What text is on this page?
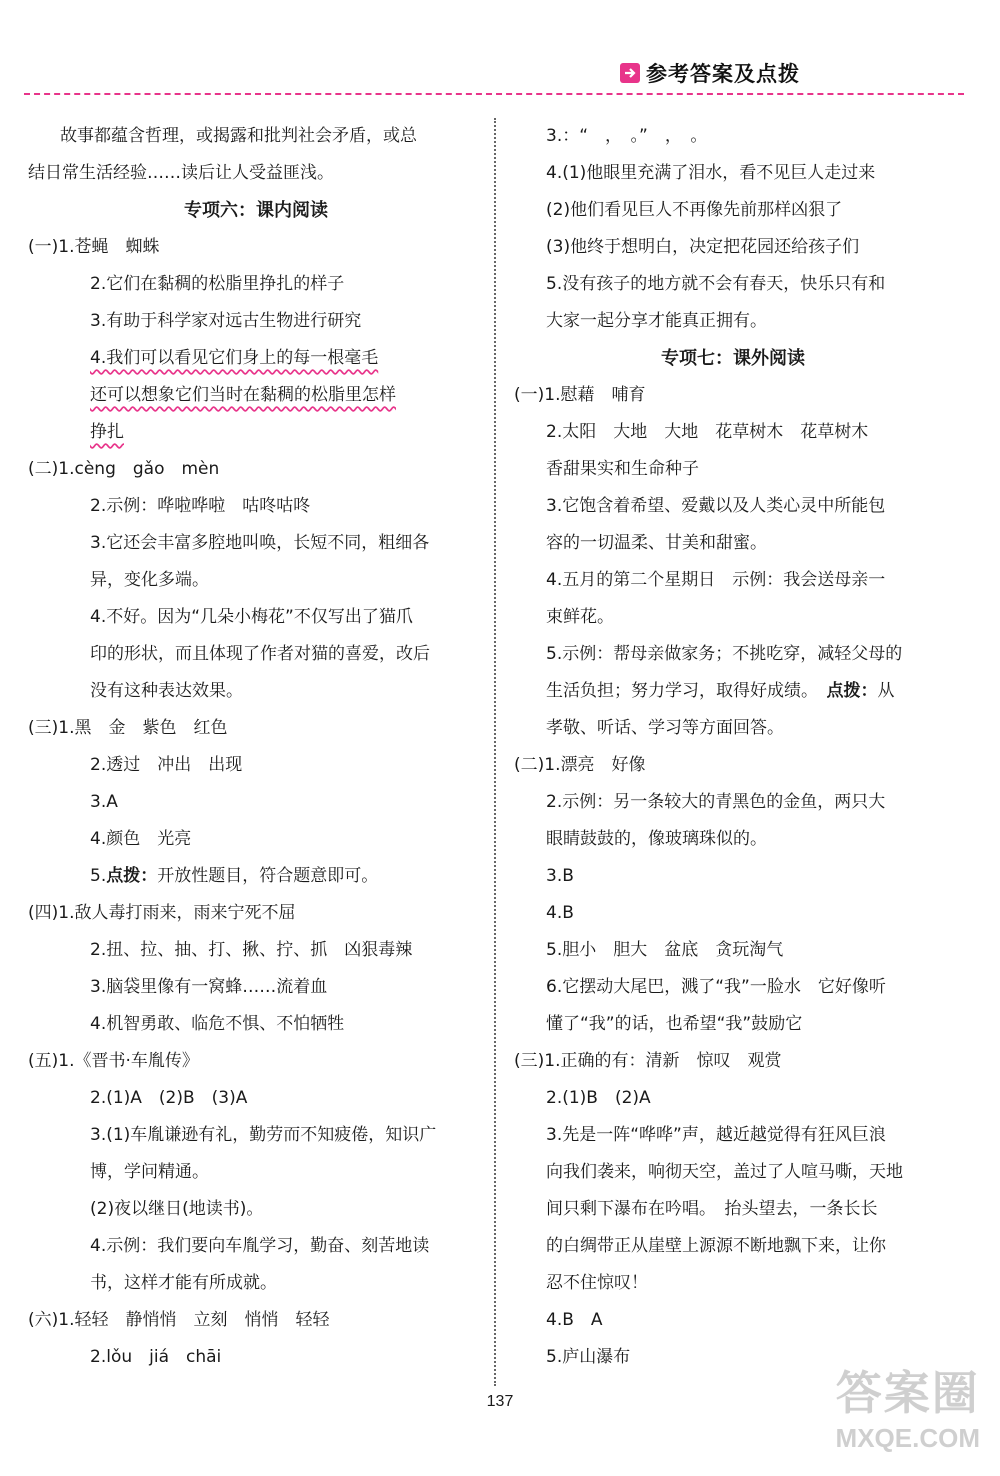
参考答案及点拨
故事都蕴含哲理，或揭露和批判社会矛盾，或总
结日常生活经验……读后让人受益匪浅。
专项六：课内阅读
(一)1.苍蝇　蜘蛛
2.它们在黏稠的松脂里挣扎的样子
3.有助于科学家对远古生物进行研究
4.我们可以看见它们身上的每一根毫毛
还可以想象它们当时在黏稠的松脂里怎样
挣扎
(二)1.cèng　gǎo　mèn
2.示例：哗啦哗啦　咕咚咕咚
3.它还会丰富多腔地叫唤，长短不同，粗细各
异，变化多端。
4.不好。因为“几朵小梅花”不仅写出了猫爪
印的形状，而且体现了作者对猫的喜爱，改后
没有这种表达效果。
(三)1.黑　金　紫色　红色
2.透过　冲出　出现
3.A
4.颜色　光亮
5.点拨：开放性题目，符合题意即可。
(四)1.敌人毒打雨来，雨来宁死不屈
2.扭、拉、抽、打、揪、拧、抓　凶狠毒辣
3.脑袋里像有一窝蜂……流着血
4.机智勇敢、临危不惧、不怕牺牲
(五)1.《晋书·车胤传》
2.(1)A　(2)B　(3)A
3.(1)车胤谦逊有礼，勤劳而不知疲倦，知识广
博，学问精通。
(2)夜以继日(地读书)。
4.示例：我们要向车胤学习，勤奋、刻苦地读
书，这样才能有所成就。
(六)1.轻轻　静悄悄　立刻　悄悄　轻轻
2.lǒu　jiá　chāi
3.：“　，　。”　，　。
4.(1)他眼里充满了泪水，看不见巨人走过来
(2)他们看见巨人不再像先前那样凶狠了
(3)他终于想明白，决定把花园还给孩子们
5.没有孩子的地方就不会有春天，快乐只有和
大家一起分享才能真正拥有。
专项七：课外阅读
(一)1.慰藉　哺育
2.太阳　大地　大地　花草树木　花草树木
香甜果实和生命种子
3.它饱含着希望、爱戴以及人类心灵中所能包
容的一切温柔、甘美和甜蜜。
4.五月的第二个星期日　示例：我会送母亲一
束鲜花。
5.示例：帮母亲做家务；不挑吃穿，减轻父母的
生活负担；努力学习，取得好成绩。　点拨：从
孝敬、听话、学习等方面回答。
(二)1.漂亮　好像
2.示例：另一条较大的青黑色的金鱼，两只大
眼睛鼓鼓的，像玻璃珠似的。
3.B
4.B
5.胆小　胆大　盆底　贪玩淘气
6.它摆动大尾巴，溅了“我”一脸水　它好像听
懂了“我”的话，也希望“我”鼓励它
(三)1.正确的有：清新　惊叹　观赏
2.(1)B　(2)A
3.先是一阵“哗哗”声，越近越觉得有狂风巨浪
向我们袭来，响彻天空，盖过了人喧马嘶，天地
间只剩下瀑布在吟唱。　抬头望去，一条长长
的白绸带正从崖壁上源源不断地飘下来，让你
忍不住惊叹！
4.B　A
5.庐山瀑布
137	答案圈
MXQE.COM
